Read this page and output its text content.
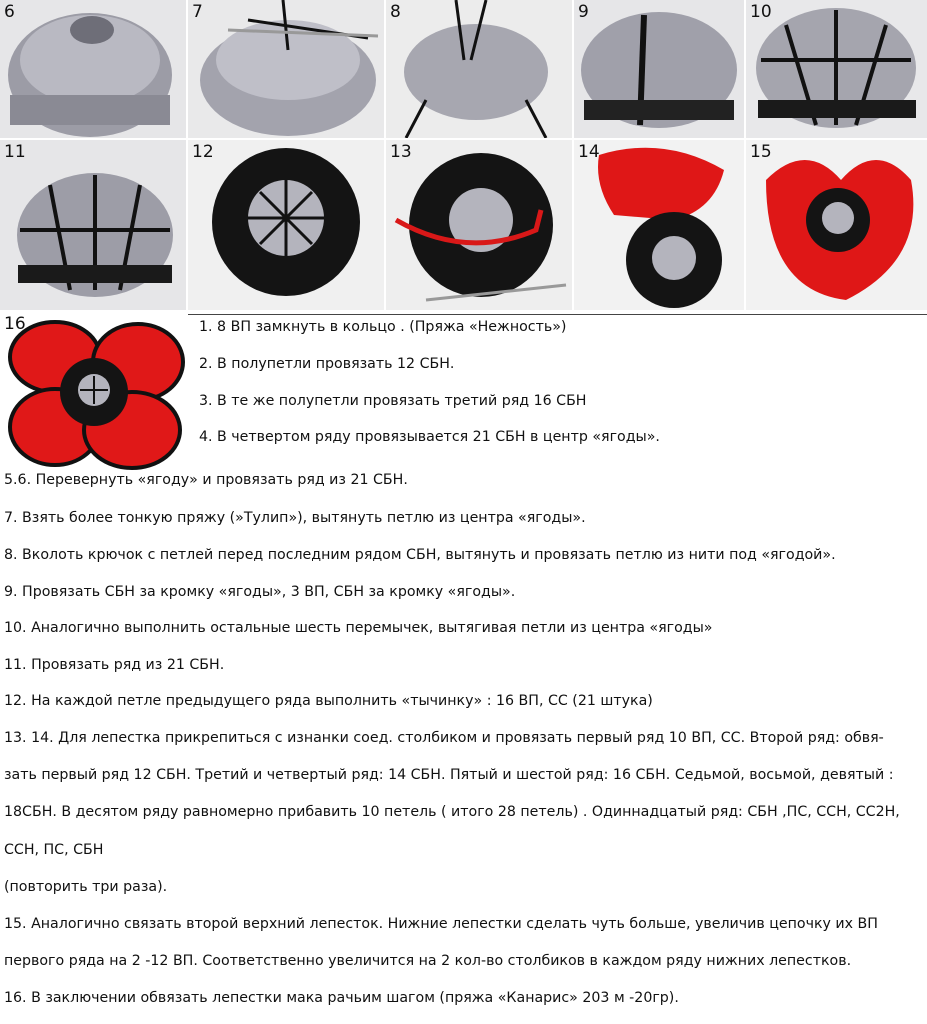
6	7	8	9	10
11	12	13	14	15
16	1. 8 ВП замкнуть в кольцо . (Пряжа «Нежность»)
2. В полупетли провязать 12 СБН.
3. В те же полупетли провязать третий ряд 16 СБН
4. В четвертом ряду провязывается 21 СБН в центр «ягоды».
5.6. Перевернуть «ягоду» и провязать ряд из 21 СБН.
7. Взять более тонкую пряжу (»Тулип»), вытянуть петлю из центра «ягоды».
8. Вколоть крючок с петлей перед последним рядом СБН, вытянуть и провязать петлю из нити под «ягодой».
9. Провязать СБН за кромку «ягоды», 3 ВП, СБН за кромку «ягоды».
10. Аналогично выполнить остальные шесть перемычек, вытягивая петли из центра «ягоды»
11. Провязать ряд из 21 СБН.
12. На каждой петле предыдущего ряда выполнить «тычинку» : 16 ВП, СС (21 штука)
13. 14. Для лепестка прикрепиться с изнанки соед. столбиком и провязать первый ряд 10 ВП, СС. Второй ряд: обвя-
зать первый ряд 12 СБН. Третий и четвертый ряд: 14 СБН. Пятый и шестой ряд: 16 СБН. Седьмой, восьмой, девятый :
18СБН. В десятом ряду равномерно прибавить 10 петель ( итого 28 петель) . Одиннадцатый ряд: СБН ,ПС, ССН, СС2Н,
ССН, ПС, СБН
(повторить три раза).
15. Аналогично связать второй верхний лепесток. Нижние лепестки сделать чуть больше, увеличив цепочку их ВП
первого ряда на 2 -12 ВП. Соответственно увеличится на 2 кол-во столбиков в каждом ряду нижних лепестков.
16. В заключении обвязать лепестки мака рачьим шагом (пряжа «Канарис» 203 м -20гр).
